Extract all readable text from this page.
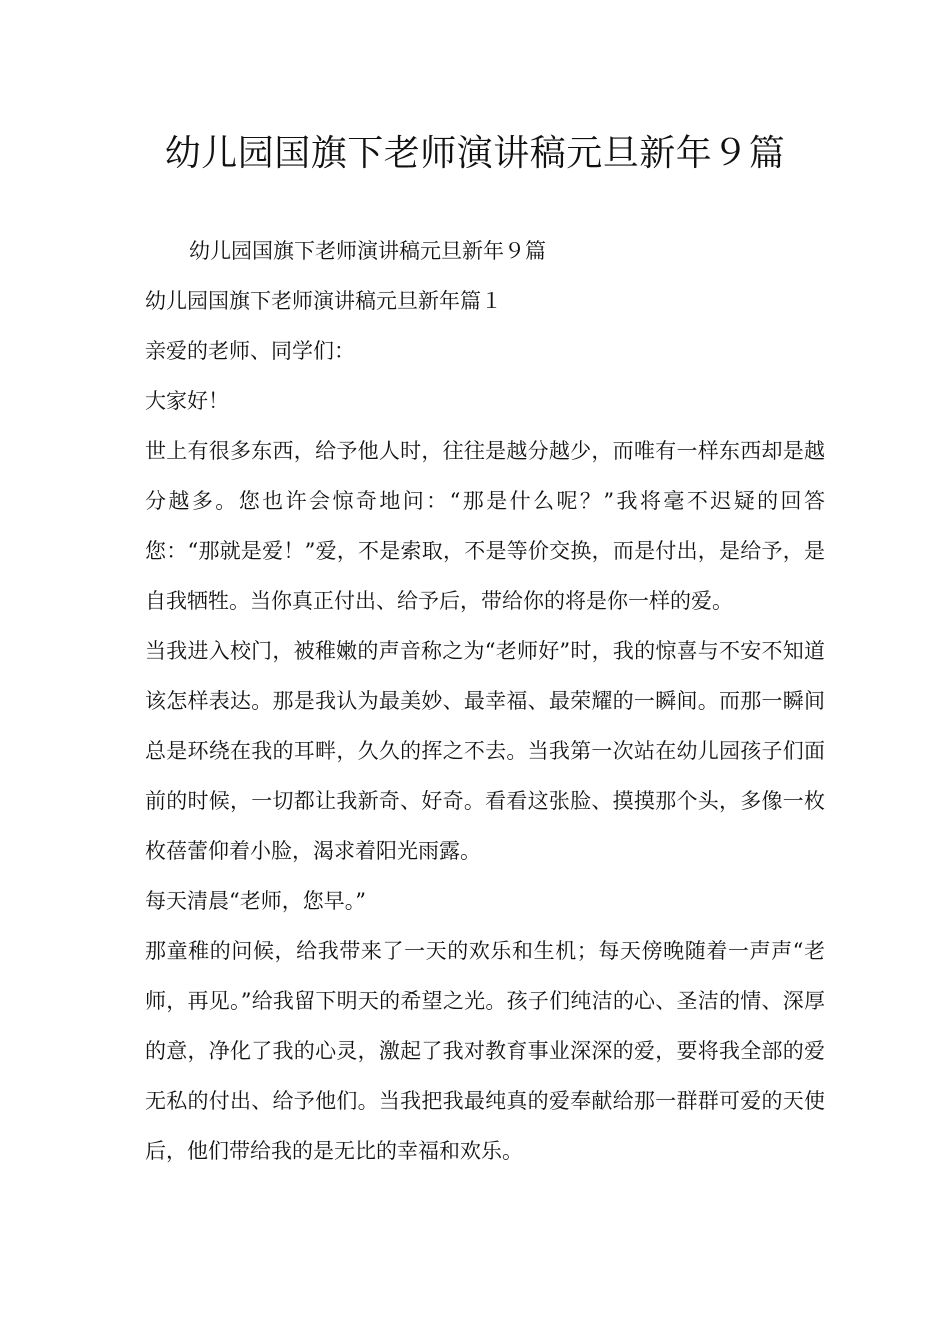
幼儿园国旗下老师演讲稿元旦新年９篇

幼儿园国旗下老师演讲稿元旦新年９篇

幼儿园国旗下老师演讲稿元旦新年篇１

亲爱的老师、同学们：

大家好！

世上有很多东西，给予他人时，往往是越分越少，而唯有一样东西却是越分越多。您也许会惊奇地问：“那是什么呢？”我将毫不迟疑的回答您：“那就是爱！”爱，不是索取，不是等价交换，而是付出，是给予，是自我牺牲。当你真正付出、给予后，带给你的将是你一样的爱。

当我进入校门，被稚嫩的声音称之为“老师好”时，我的惊喜与不安不知道该怎样表达。那是我认为最美妙、最幸福、最荣耀的一瞬间。而那一瞬间总是环绕在我的耳畔，久久的挥之不去。当我第一次站在幼儿园孩子们面前的时候，一切都让我新奇、好奇。看看这张脸、摸摸那个头，多像一枚枚蓓蕾仰着小脸，渴求着阳光雨露。

每天清晨“老师，您早。”

那童稚的问候，给我带来了一天的欢乐和生机；每天傍晚随着一声声“老师，再见。”给我留下明天的希望之光。孩子们纯洁的心、圣洁的情、深厚的意，净化了我的心灵，激起了我对教育事业深深的爱，要将我全部的爱无私的付出、给予他们。当我把我最纯真的爱奉献给那一群群可爱的天使后，他们带给我的是无比的幸福和欢乐。
